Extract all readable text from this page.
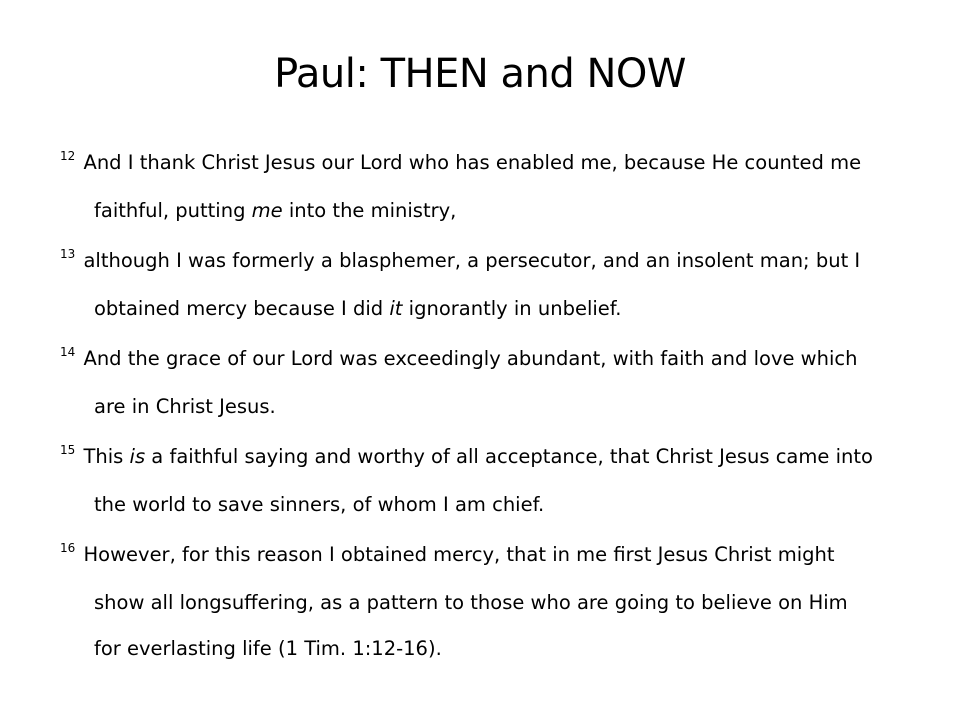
Paul: THEN and NOW

$^{12}$ And I thank Christ Jesus our Lord who has enabled me, because He counted me faithful, putting me into the ministry,

$^{13}$ although I was formerly a blasphemer, a persecutor, and an insolent man; but I obtained mercy because I did it ignorantly in unbelief.

$^{14}$ And the grace of our Lord was exceedingly abundant, with faith and love which are in Christ Jesus.

$^{15}$ This is a faithful saying and worthy of all acceptance, that Christ Jesus came into the world to save sinners, of whom I am chief.

$^{16}$ However, for this reason I obtained mercy, that in me first Jesus Christ might show all longsuffering, as a pattern to those who are going to believe on Him for everlasting life (1 Tim. 1:12-16).
